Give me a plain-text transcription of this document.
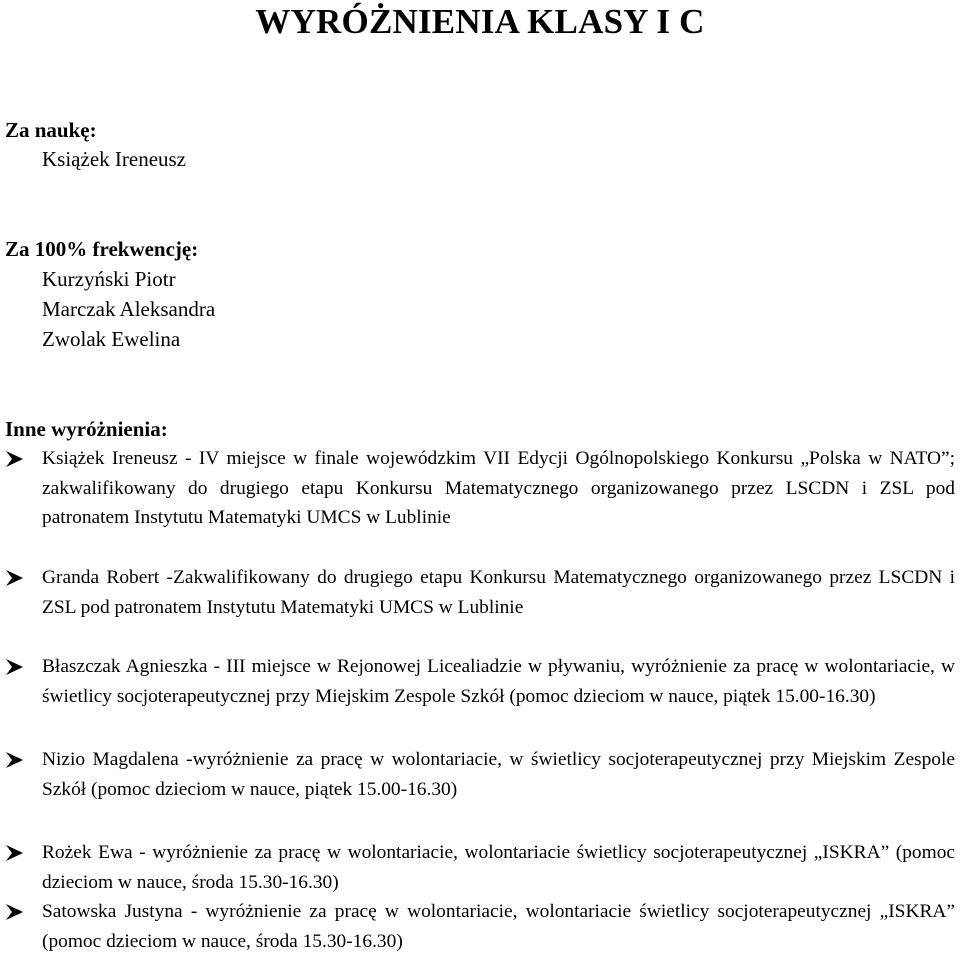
WYRÓŻNIENIA KLASY I C
Za naukę:
Książek Ireneusz
Za 100% frekwencję:
Kurzyński Piotr
Marczak Aleksandra
Zwolak Ewelina
Inne wyróżnienia:
Książek Ireneusz - IV miejsce w finale wojewódzkim VII Edycji Ogólnopolskiego Konkursu „Polska w NATO”; zakwalifikowany do drugiego etapu Konkursu Matematycznego organizowanego przez LSCDN i ZSL pod patronatem Instytutu Matematyki UMCS w Lublinie
Granda Robert -Zakwalifikowany do drugiego etapu Konkursu Matematycznego organizowanego przez LSCDN i ZSL pod patronatem Instytutu Matematyki UMCS w Lublinie
Błaszczak Agnieszka - III miejsce w Rejonowej Licealiadzie w pływaniu, wyróżnienie za pracę w wolontariacie, w świetlicy socjoterapeutycznej przy Miejskim Zespole Szkół (pomoc dzieciom w nauce, piątek 15.00-16.30)
Nizio Magdalena -wyróżnienie za pracę w wolontariacie, w świetlicy socjoterapeutycznej przy Miejskim Zespole Szkół (pomoc dzieciom w nauce, piątek 15.00-16.30)
Rożek Ewa - wyróżnienie za pracę w wolontariacie, wolontariacie świetlicy socjoterapeutycznej „ISKRA” (pomoc dzieciom w nauce, środa 15.30-16.30)
Satowska Justyna - wyróżnienie za pracę w wolontariacie, wolontariacie świetlicy socjoterapeutycznej „ISKRA” (pomoc dzieciom w nauce, środa 15.30-16.30)
